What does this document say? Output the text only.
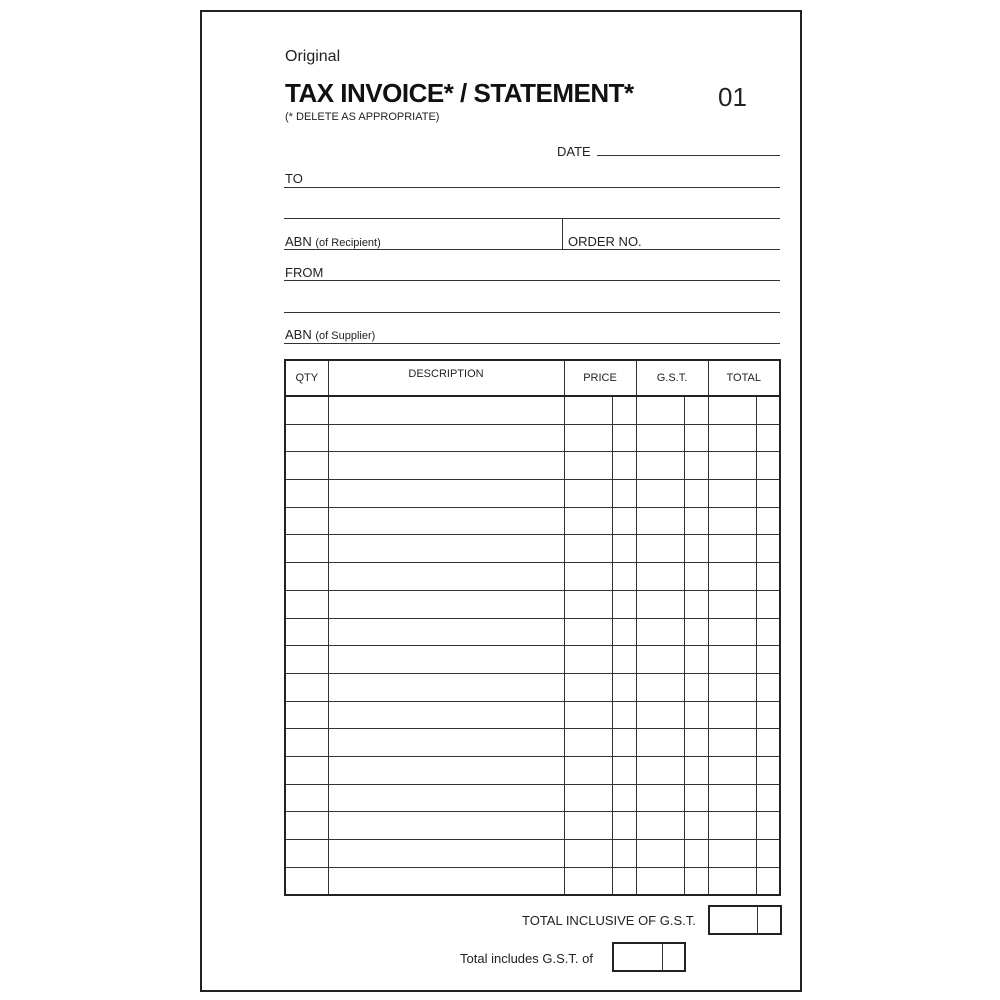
Original
TAX INVOICE* / STATEMENT*	01
(* DELETE AS APPROPRIATE)
DATE
TO
ABN (of Recipient)	ORDER NO.
FROM
ABN (of Supplier)
QTY	DESCRIPTION	PRICE		G.S.T.		TOTAL	

TOTAL INCLUSIVE OF G.S.T.
Total includes G.S.T. of
